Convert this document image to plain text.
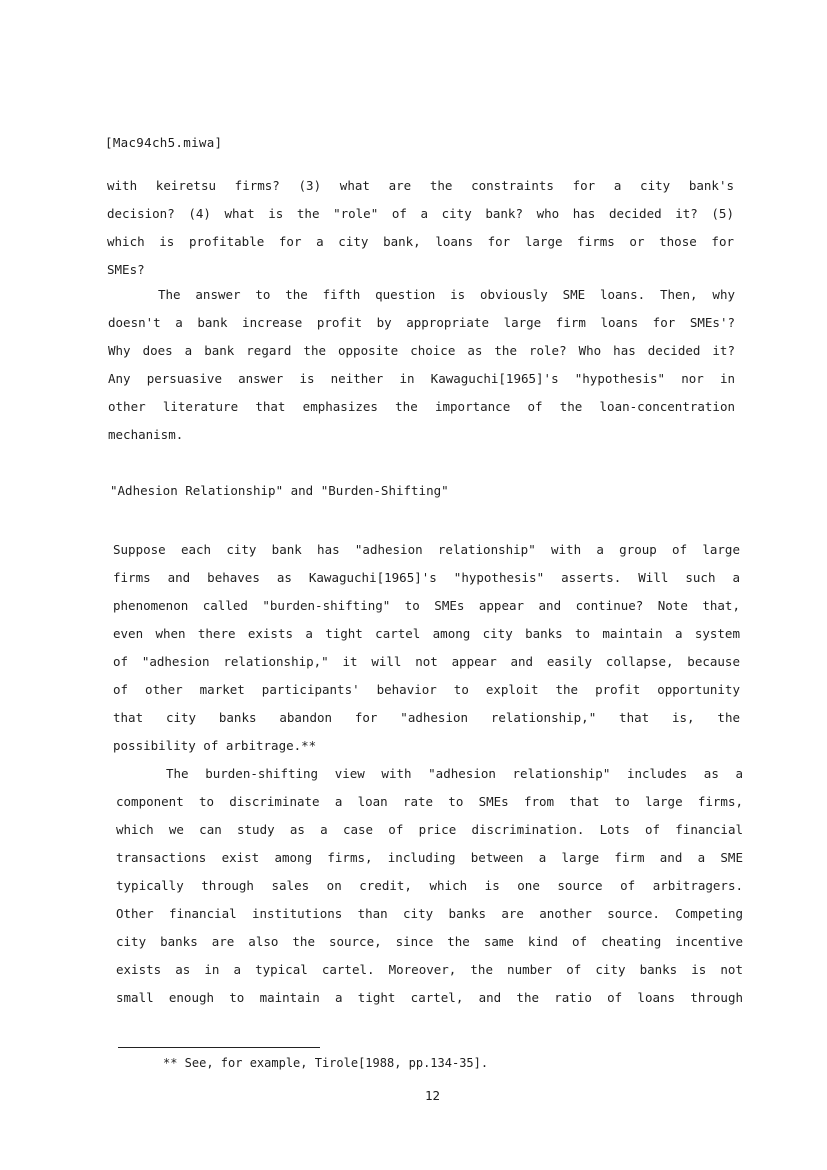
[Mac94ch5.miwa]
with keiretsu firms? (3) what are the constraints for a city bank's
decision? (4) what is the "role" of a city bank? who has decided it? (5)
which is profitable for a city bank, loans for large firms or those for
SMEs?
The answer to the fifth question is obviously SME loans. Then, why
doesn't a bank increase profit by appropriate large firm loans for SMEs'?
Why does a bank regard the opposite choice as the role? Who has decided it?
Any persuasive answer is neither in Kawaguchi[1965]'s "hypothesis" nor in
other literature that emphasizes the importance of the loan-concentration
mechanism.
"Adhesion Relationship" and "Burden-Shifting"
Suppose each city bank has "adhesion relationship" with a group of large
firms and behaves as Kawaguchi[1965]'s "hypothesis" asserts. Will such a
phenomenon called "burden-shifting" to SMEs appear and continue? Note that,
even when there exists a tight cartel among city banks to maintain a system
of "adhesion relationship," it will not appear and easily collapse, because
of other market participants' behavior to exploit the profit opportunity
that city banks abandon for "adhesion relationship," that is, the
possibility of arbitrage.**
The burden-shifting view with "adhesion relationship" includes as a
component to discriminate a loan rate to SMEs from that to large firms,
which we can study as a case of price discrimination. Lots of financial
transactions exist among firms, including between a large firm and a SME
typically through sales on credit, which is one source of arbitragers.
Other financial institutions than city banks are another source. Competing
city banks are also the source, since the same kind of cheating incentive
exists as in a typical cartel. Moreover, the number of city banks is not
small enough to maintain a tight cartel, and the ratio of loans through
** See, for example, Tirole[1988, pp.134-35].
12
